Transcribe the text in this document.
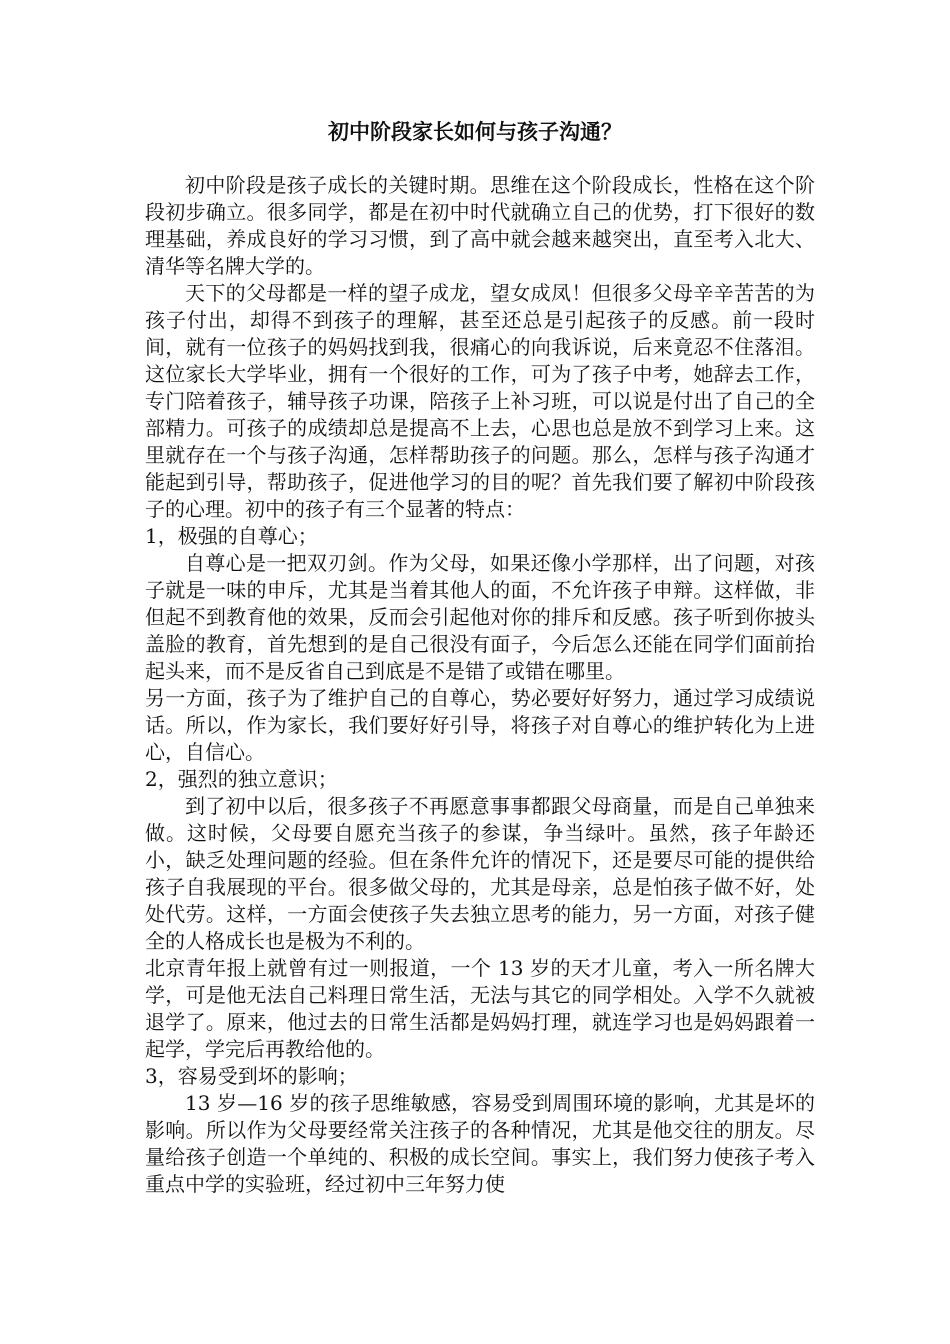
初中阶段家长如何与孩子沟通？

初中阶段是孩子成长的关键时期。思维在这个阶段成长，性格在这个阶段初步确立。很多同学，都是在初中时代就确立自己的优势，打下很好的数理基础，养成良好的学习习惯，到了高中就会越来越突出，直至考入北大、清华等名牌大学的。

天下的父母都是一样的望子成龙，望女成凤！但很多父母辛辛苦苦的为孩子付出，却得不到孩子的理解，甚至还总是引起孩子的反感。前一段时间，就有一位孩子的妈妈找到我，很痛心的向我诉说，后来竟忍不住落泪。这位家长大学毕业，拥有一个很好的工作，可为了孩子中考，她辞去工作，专门陪着孩子，辅导孩子功课，陪孩子上补习班，可以说是付出了自己的全部精力。可孩子的成绩却总是提高不上去，心思也总是放不到学习上来。这里就存在一个与孩子沟通，怎样帮助孩子的问题。那么，怎样与孩子沟通才能起到引导，帮助孩子，促进他学习的目的呢？首先我们要了解初中阶段孩子的心理。初中的孩子有三个显著的特点：

1，极强的自尊心；

自尊心是一把双刃剑。作为父母，如果还像小学那样，出了问题，对孩子就是一味的申斥，尤其是当着其他人的面，不允许孩子申辩。这样做，非但起不到教育他的效果，反而会引起他对你的排斥和反感。孩子听到你披头盖脸的教育，首先想到的是自己很没有面子，今后怎么还能在同学们面前抬起头来，而不是反省自己到底是不是错了或错在哪里。

另一方面，孩子为了维护自己的自尊心，势必要好好努力，通过学习成绩说话。所以，作为家长，我们要好好引导，将孩子对自尊心的维护转化为上进心，自信心。

2，强烈的独立意识；

到了初中以后，很多孩子不再愿意事事都跟父母商量，而是自己单独来做。这时候，父母要自愿充当孩子的参谋，争当绿叶。虽然，孩子年龄还小，缺乏处理问题的经验。但在条件允许的情况下，还是要尽可能的提供给孩子自我展现的平台。很多做父母的，尤其是母亲，总是怕孩子做不好，处处代劳。这样，一方面会使孩子失去独立思考的能力，另一方面，对孩子健全的人格成长也是极为不利的。

北京青年报上就曾有过一则报道，一个 13 岁的天才儿童，考入一所名牌大学，可是他无法自己料理日常生活，无法与其它的同学相处。入学不久就被退学了。原来，他过去的日常生活都是妈妈打理，就连学习也是妈妈跟着一起学，学完后再教给他的。

3，容易受到坏的影响；

13 岁—16 岁的孩子思维敏感，容易受到周围环境的影响，尤其是坏的影响。所以作为父母要经常关注孩子的各种情况，尤其是他交往的朋友。尽量给孩子创造一个单纯的、积极的成长空间。事实上，我们努力使孩子考入重点中学的实验班，经过初中三年努力使
